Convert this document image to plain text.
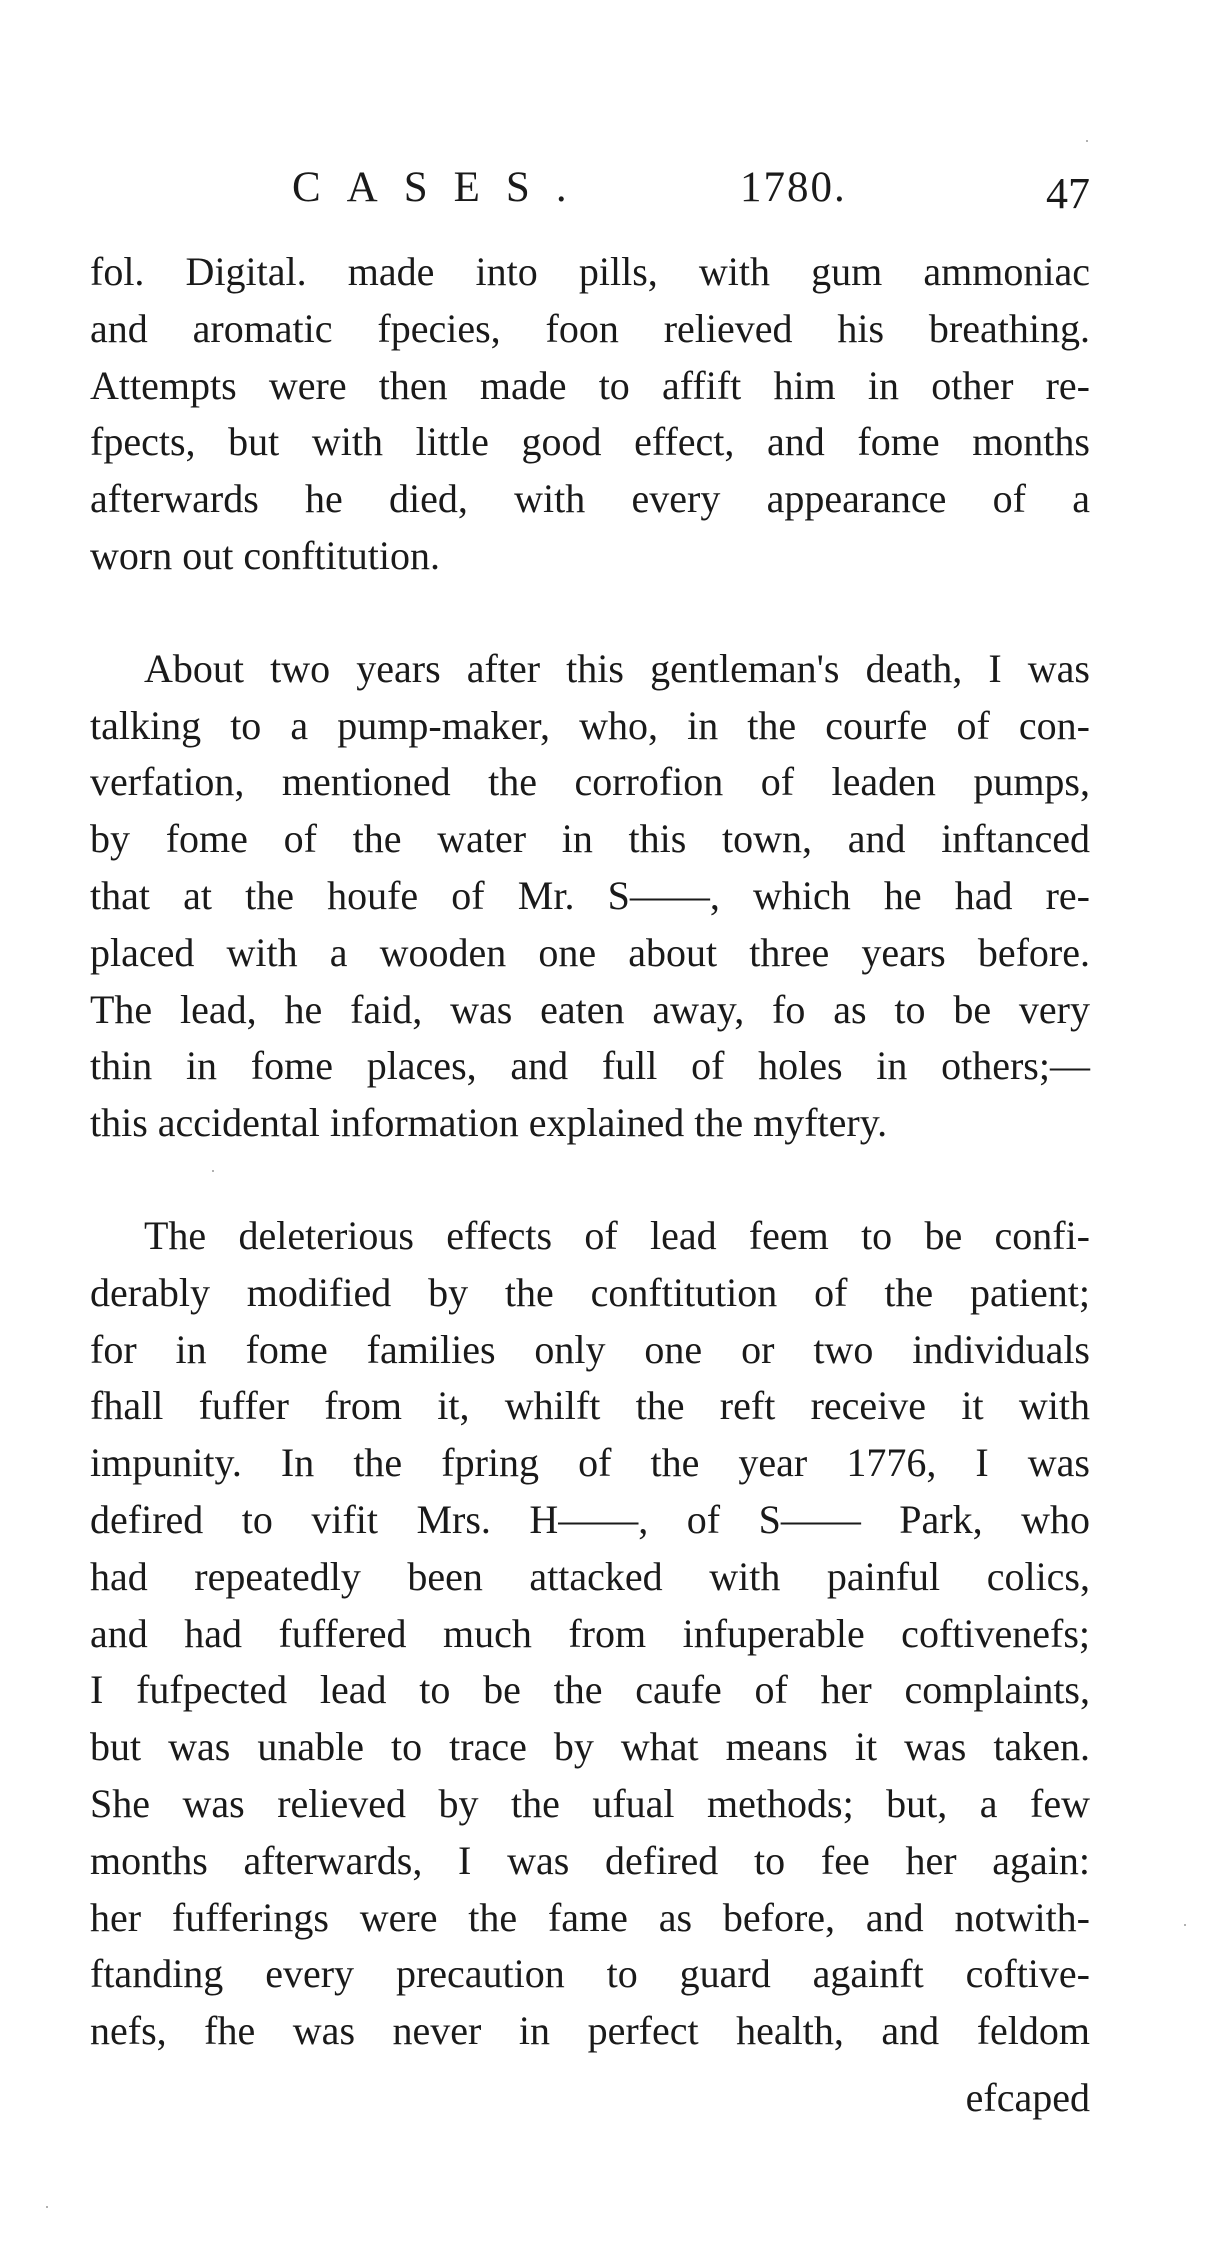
CASES.	1780.	47
fol. Digital. made into pills, with gum ammoniac
and aromatic fpecies, foon relieved his breathing.
Attempts were then made to affift him in other re-
fpects, but with little good effect, and fome months
afterwards he died, with every appearance of a
worn out conftitution.
About two years after this gentleman's death, I was
talking to a pump-maker, who, in the courfe of con-
verfation, mentioned the corrofion of leaden pumps,
by fome of the water in this town, and inftanced
that at the houfe of Mr. S——, which he had re-
placed with a wooden one about three years before.
The lead, he faid, was eaten away, fo as to be very
thin in fome places, and full of holes in others;—
this accidental information explained the myftery.
The deleterious effects of lead feem to be confi-
derably modified by the conftitution of the patient;
for in fome families only one or two individuals
fhall fuffer from it, whilft the reft receive it with
impunity. In the fpring of the year 1776, I was
defired to vifit Mrs. H——, of S—— Park, who
had repeatedly been attacked with painful colics,
and had fuffered much from infuperable coftivenefs;
I fufpected lead to be the caufe of her complaints,
but was unable to trace by what means it was taken.
She was relieved by the ufual methods; but, a few
months afterwards, I was defired to fee her again:
her fufferings were the fame as before, and notwith-
ftanding every precaution to guard againft coftive-
nefs, fhe was never in perfect health, and feldom
efcaped
